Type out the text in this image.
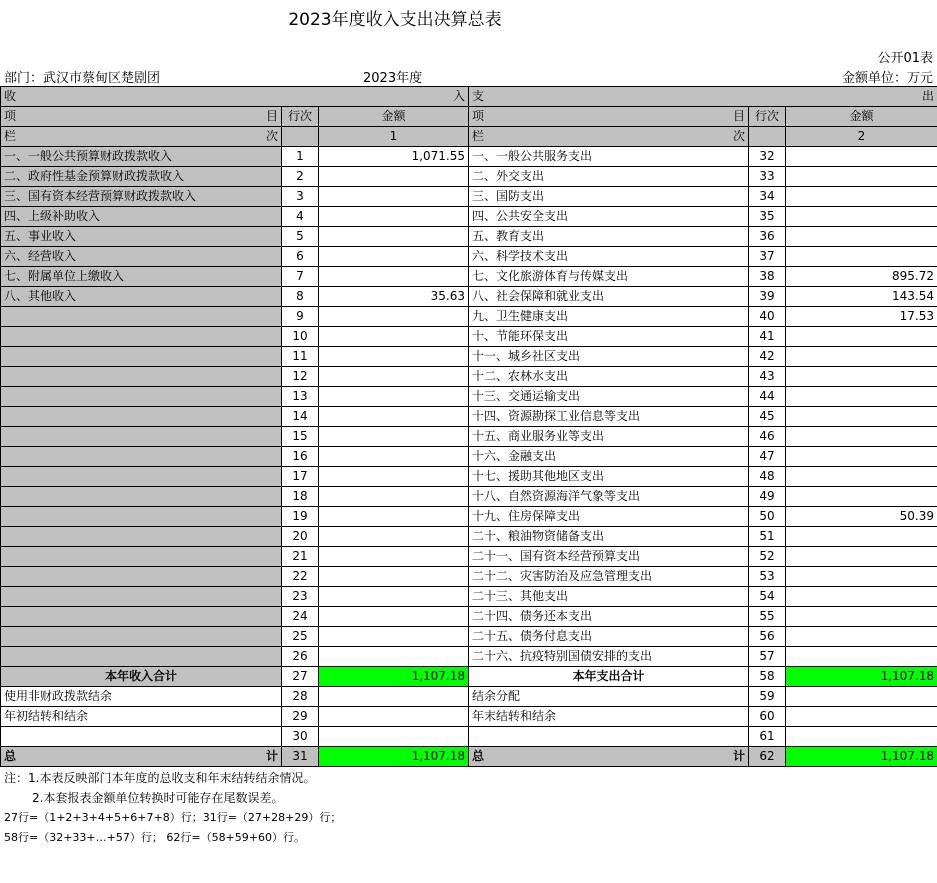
2023年度收入支出决算总表
公开01表
部门：武汉市蔡甸区楚剧团	2023年度	金额单位：万元
收 入			支 出		

项 目	行次	金额	项 目	行次	金额

栏 次		1	栏 次		2
一、一般公共预算财政拨款收入	1	1,071.55	一、一般公共服务支出	32	
二、政府性基金预算财政拨款收入	2		二、外交支出	33	
三、国有资本经营预算财政拨款收入	3		三、国防支出	34	
四、上级补助收入	4		四、公共安全支出	35	
五、事业收入	5		五、教育支出	36	
六、经营收入	6		六、科学技术支出	37	
七、附属单位上缴收入	7		七、文化旅游体育与传媒支出	38	895.72
八、其他收入	8	35.63	八、社会保障和就业支出	39	143.54
	9		九、卫生健康支出	40	17.53
	10		十、节能环保支出	41	
	11		十一、城乡社区支出	42	
	12		十二、农林水支出	43	
	13		十三、交通运输支出	44	
	14		十四、资源勘探工业信息等支出	45	
	15		十五、商业服务业等支出	46	
	16		十六、金融支出	47	
	17		十七、援助其他地区支出	48	
	18		十八、自然资源海洋气象等支出	49	
	19		十九、住房保障支出	50	50.39
	20		二十、粮油物资储备支出	51	
	21		二十一、国有资本经营预算支出	52	
	22		二十二、灾害防治及应急管理支出	53	
	23		二十三、其他支出	54	
	24		二十四、债务还本支出	55	
	25		二十五、债务付息支出	56	
	26		二十六、抗疫特别国债安排的支出	57	
本年收入合计	27	1,107.18	本年支出合计	58	1,107.18
使用非财政拨款结余	28		结余分配	59	
年初结转和结余	29		年末结转和结余	60	
	30			61	

总 计	31	1,107.18	总 计	62	1,107.18
注：1.本表反映部门本年度的总收支和年末结转结余情况。
2.本套报表金额单位转换时可能存在尾数误差。
27行=（1+2+3+4+5+6+7+8）行；31行=（27+28+29）行；
58行=（32+33+…+57）行； 62行=（58+59+60）行。
